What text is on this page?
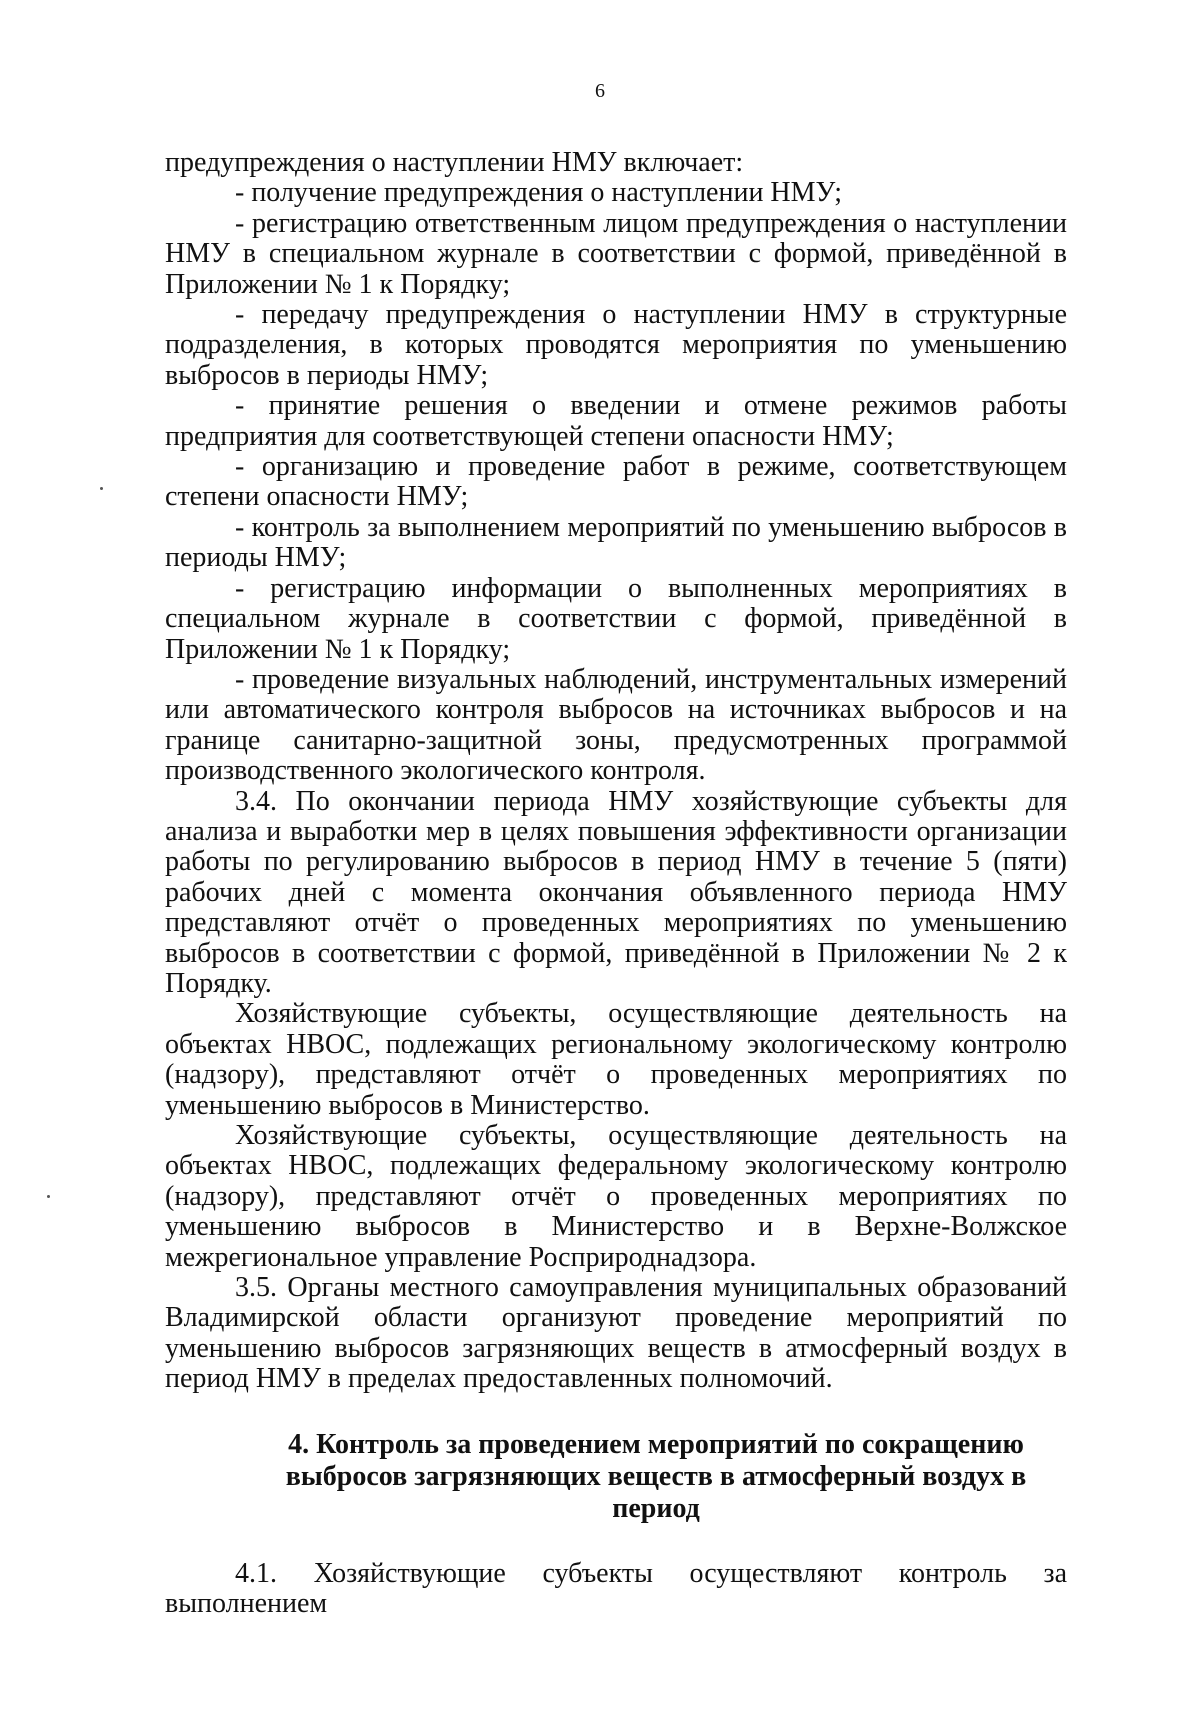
6

предупреждения о наступлении НМУ включает:

- получение предупреждения о наступлении НМУ;

- регистрацию ответственным лицом предупреждения о наступлении НМУ в специальном журнале в соответствии с формой, приведённой в Приложении № 1 к Порядку;

- передачу предупреждения о наступлении НМУ в структурные подразделения, в которых проводятся мероприятия по уменьшению выбросов в периоды НМУ;

- принятие решения о введении и отмене режимов работы предприятия для соответствующей степени опасности НМУ;

- организацию и проведение работ в режиме, соответствующем степени опасности НМУ;

- контроль за выполнением мероприятий по уменьшению выбросов в периоды НМУ;

- регистрацию информации о выполненных мероприятиях в специальном журнале в соответствии с формой, приведённой в Приложении № 1 к Порядку;

- проведение визуальных наблюдений, инструментальных измерений или автоматического контроля выбросов на источниках выбросов и на границе санитарно-защитной зоны, предусмотренных программой производственного экологического контроля.

3.4. По окончании периода НМУ хозяйствующие субъекты для анализа и выработки мер в целях повышения эффективности организации работы по регулированию выбросов в период НМУ в течение 5 (пяти) рабочих дней с момента окончания объявленного периода НМУ представляют отчёт о проведенных мероприятиях по уменьшению выбросов в соответствии с формой, приведённой в Приложении № 2 к Порядку.

Хозяйствующие субъекты, осуществляющие деятельность на объектах НВОС, подлежащих региональному экологическому контролю (надзору), представляют отчёт о проведенных мероприятиях по уменьшению выбросов в Министерство.

Хозяйствующие субъекты, осуществляющие деятельность на объектах НВОС, подлежащих федеральному экологическому контролю (надзору), представляют отчёт о проведенных мероприятиях по уменьшению выбросов в Министерство и в Верхне-Волжское межрегиональное управление Росприроднадзора.

3.5. Органы местного самоуправления муниципальных образований Владимирской области организуют проведение мероприятий по уменьшению выбросов загрязняющих веществ в атмосферный воздух в период НМУ в пределах предоставленных полномочий.

4. Контроль за проведением мероприятий по сокращению выбросов загрязняющих веществ в атмосферный воздух в период

4.1. Хозяйствующие субъекты осуществляют контроль за выполнением
